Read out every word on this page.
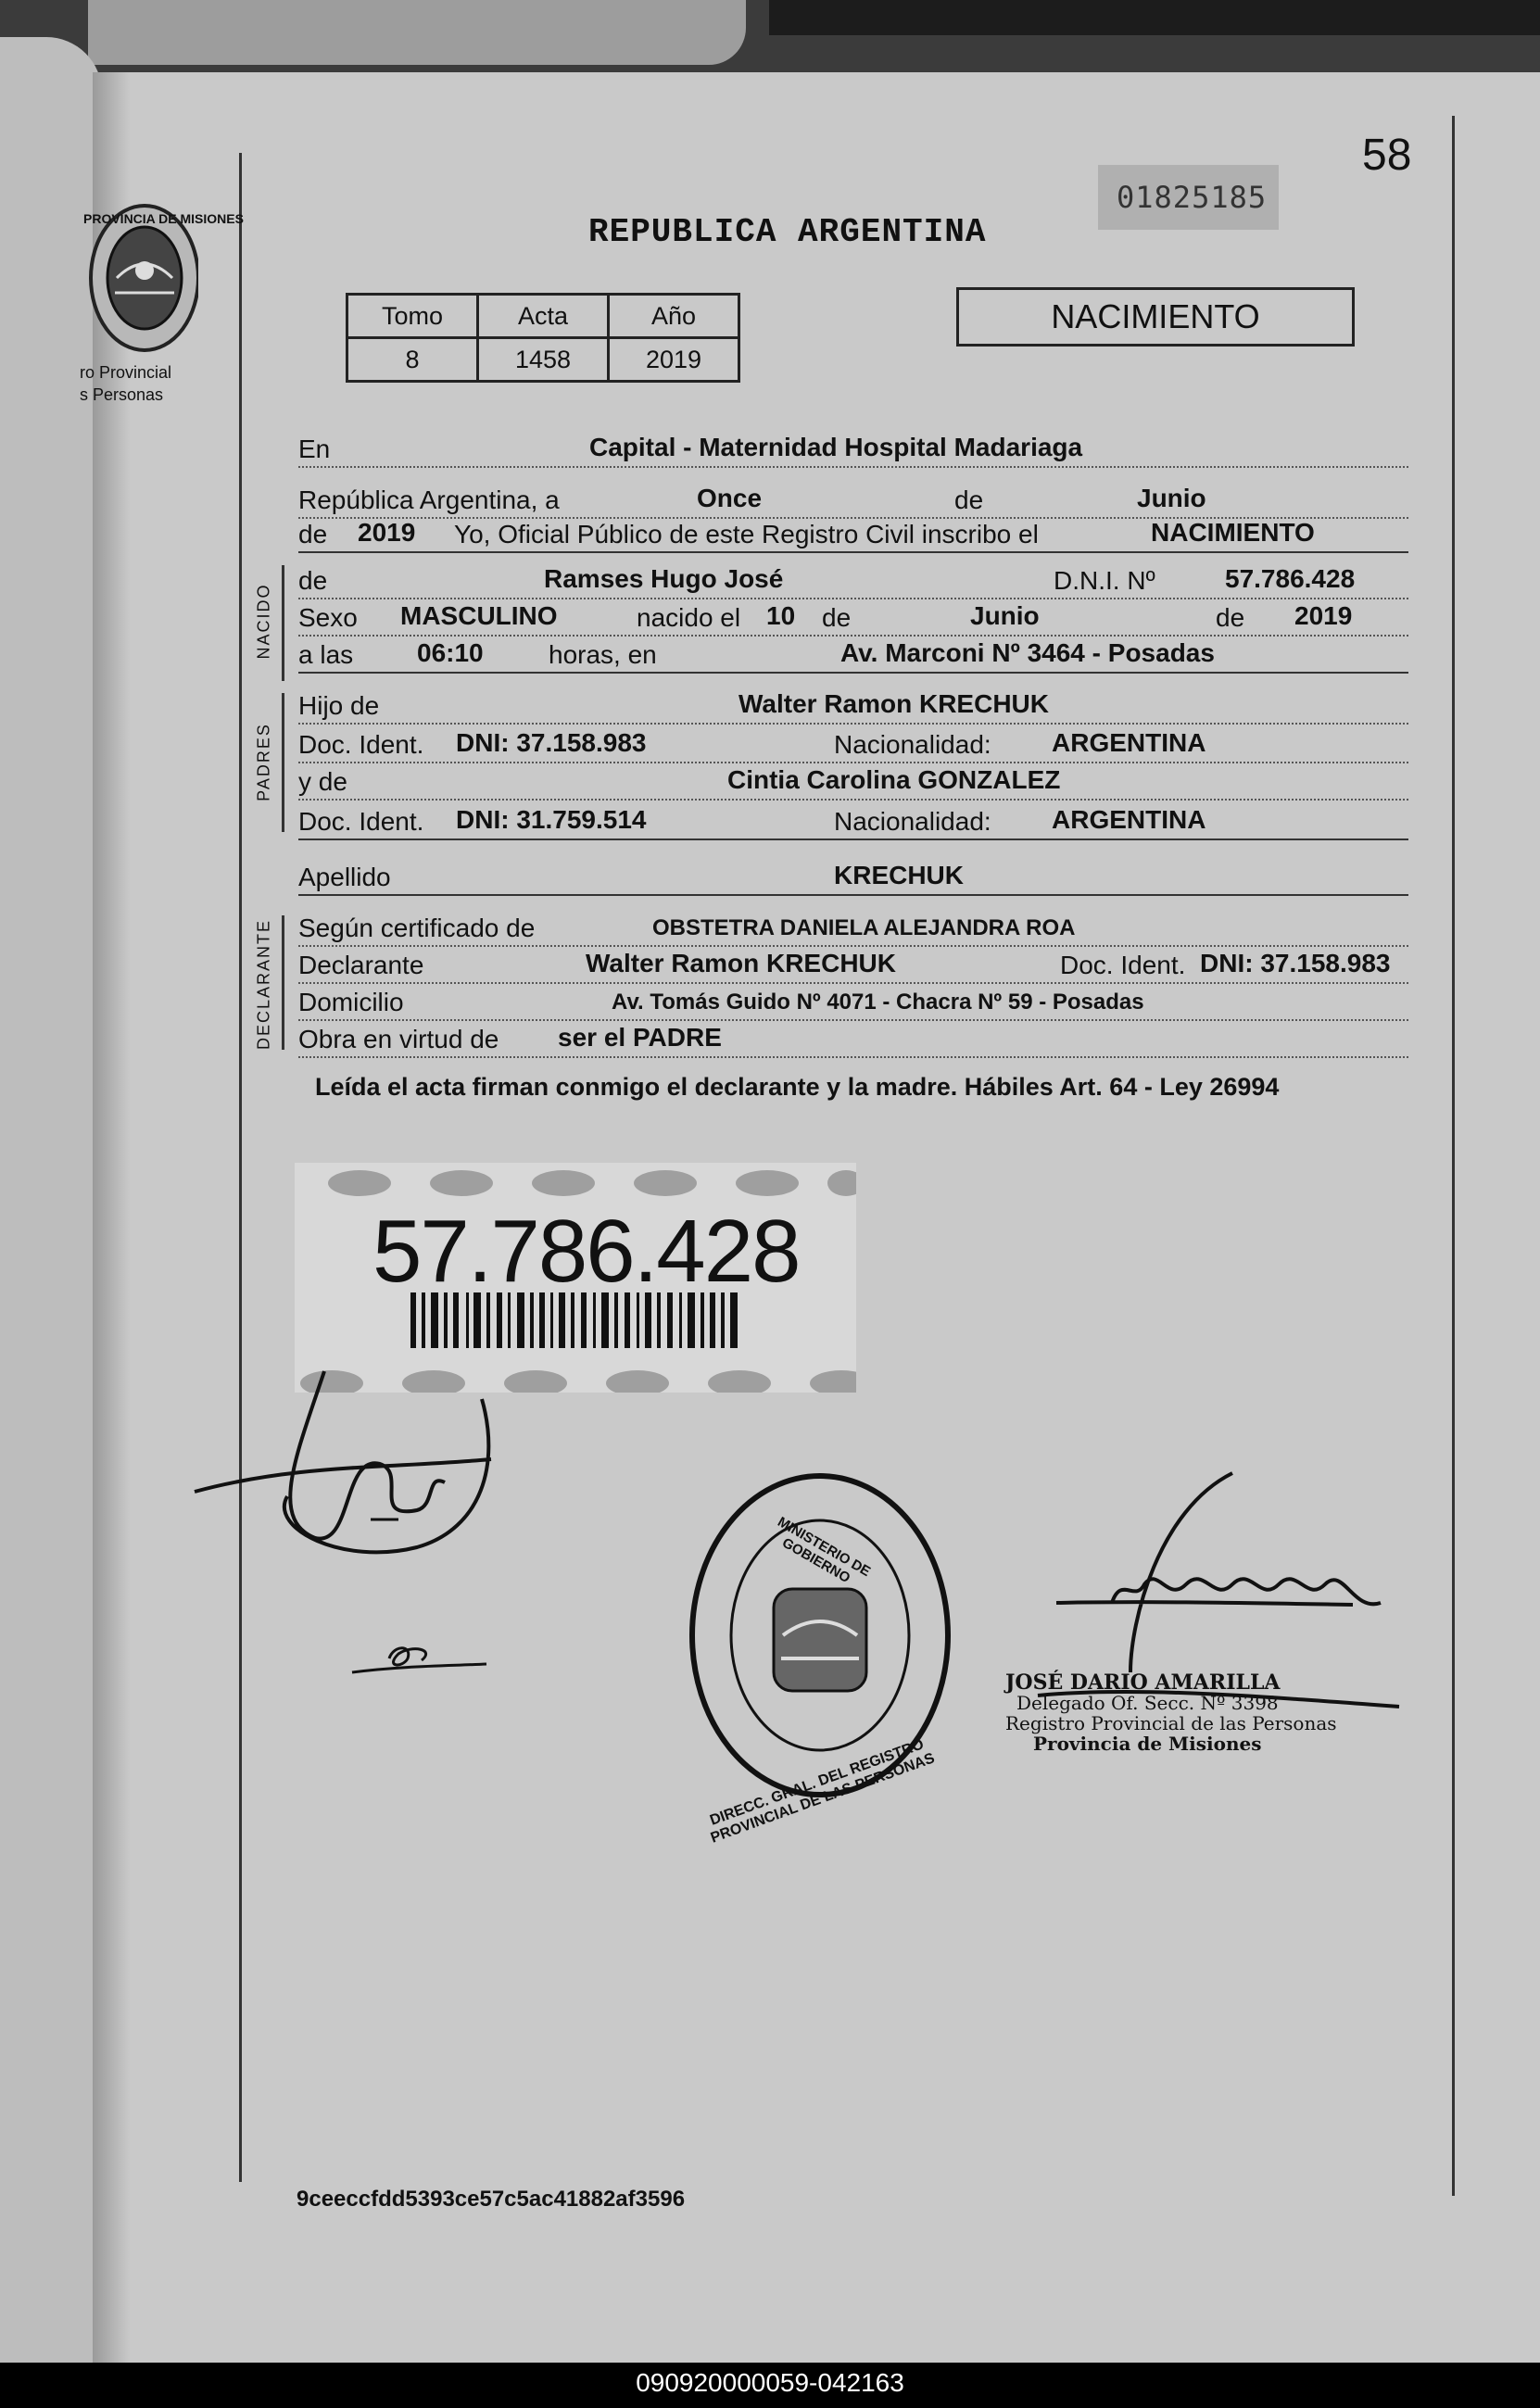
PROVINCIA DE MISIONES
ro Provincial
s Personas
58
01825185
REPUBLICA ARGENTINA
Tomo	Acta	Año
8	1458	2019
NACIMIENTO
En	Capital - Maternidad Hospital Madariaga
República Argentina, a	Once	de	Junio
de 2019 Yo, Oficial Público de este Registro Civil inscribo el	NACIMIENTO
NACIDO
de	Ramses Hugo José	D.N.I. Nº	57.786.428
Sexo MASCULINO	nacido el 10 de	Junio	de 2019
a las 06:10	horas, en	Av. Marconi Nº 3464 - Posadas
PADRES
Hijo de	Walter Ramon KRECHUK
Doc. Ident. DNI: 37.158.983	Nacionalidad: ARGENTINA
y de	Cintia Carolina GONZALEZ
Doc. Ident. DNI: 31.759.514	Nacionalidad: ARGENTINA
Apellido	KRECHUK
DECLARANTE Según certificado de	OBSTETRA DANIELA ALEJANDRA ROA
Declarante	Walter Ramon KRECHUK	Doc. Ident. DNI: 37.158.983
Domicilio	Av. Tomás Guido Nº 4071 - Chacra Nº 59 - Posadas
Obra en virtud de ser el PADRE
Leída el acta firman conmigo el declarante y la madre. Hábiles Art. 64 - Ley 26994
57.786.428
DIRECC. GRAL. DEL REGISTRO PROVINCIAL DE LAS PERSONAS
MINISTERIO DE GOBIERNO
JOSÉ DARIO AMARILLA
Delegado Of. Secc. Nº 3398
Registro Provincial de las Personas
Provincia de Misiones
9ceeccfdd5393ce57c5ac41882af3596
090920000059-042163
